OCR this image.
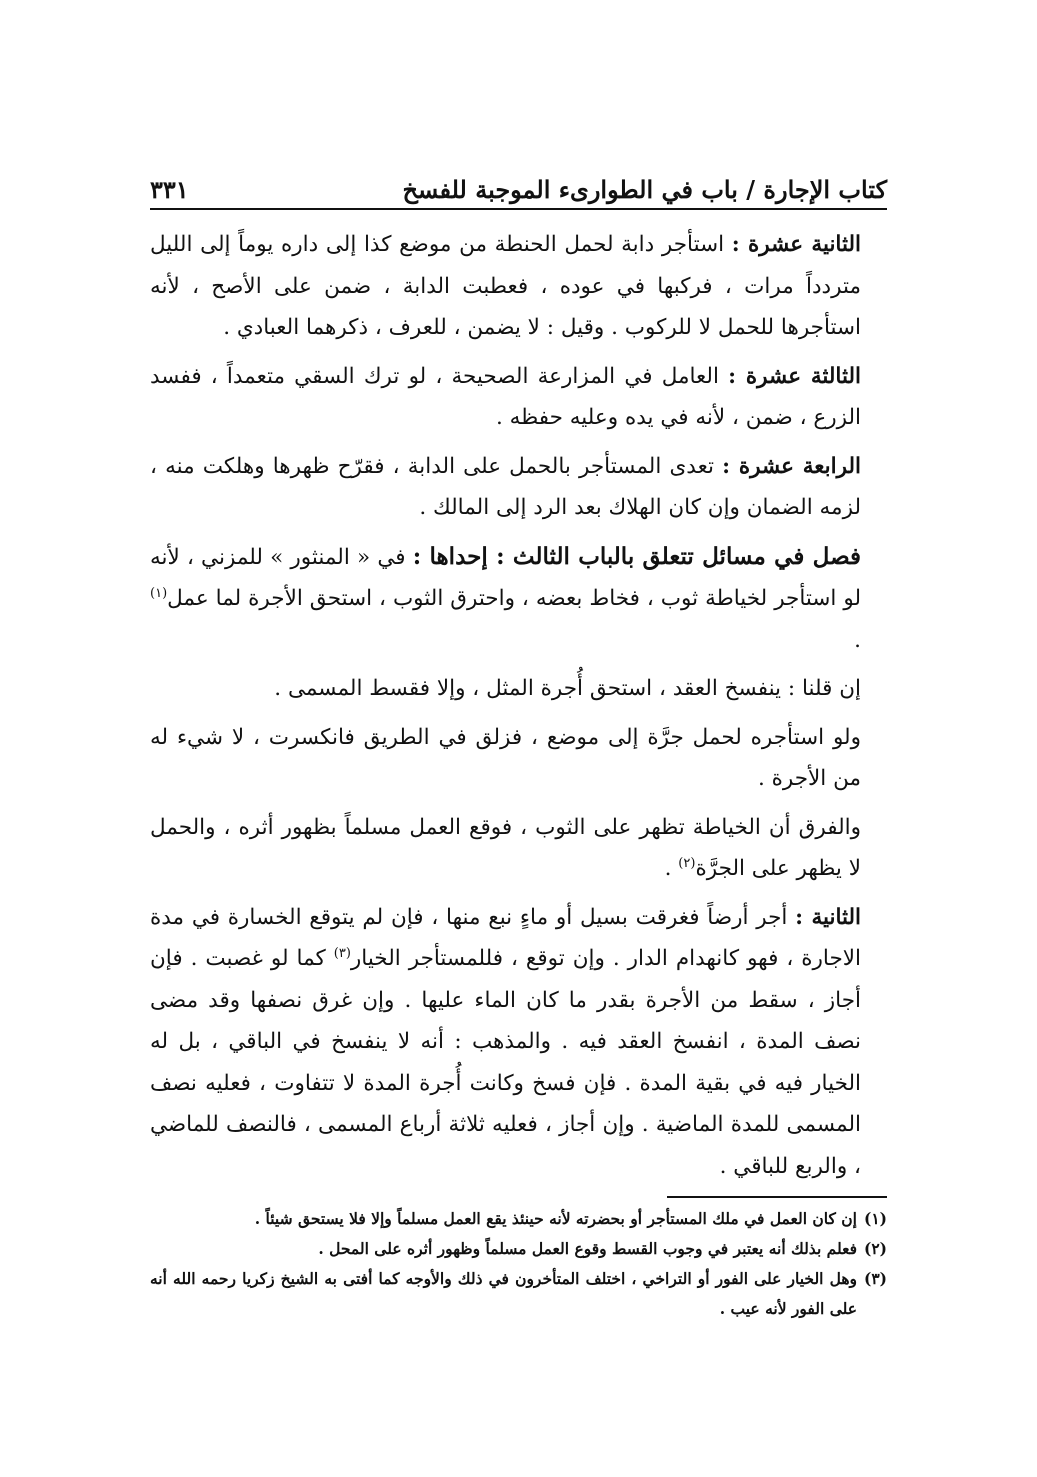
كتاب الإجارة / باب في الطوارىء الموجبة للفسخ
٣٣١

الثانية عشرة : استأجر دابة لحمل الحنطة من موضع كذا إلى داره يوماً إلى الليل متردداً مرات ، فركبها في عوده ، فعطبت الدابة ، ضمن على الأصح ، لأنه استأجرها للحمل لا للركوب . وقيل : لا يضمن ، للعرف ، ذكرهما العبادي .

الثالثة عشرة : العامل في المزارعة الصحيحة ، لو ترك السقي متعمداً ، ففسد الزرع ، ضمن ، لأنه في يده وعليه حفظه .

الرابعة عشرة : تعدى المستأجر بالحمل على الدابة ، فقرّح ظهرها وهلكت منه ، لزمه الضمان وإن كان الهلاك بعد الرد إلى المالك .

فصل في مسائل تتعلق بالباب الثالث : إحداها : في « المنثور » للمزني ، لأنه لو استأجر لخياطة ثوب ، فخاط بعضه ، واحترق الثوب ، استحق الأجرة لما عمل$^{(١)}$ .

إن قلنا : ينفسخ العقد ، استحق أُجرة المثل ، وإلا فقسط المسمى .

ولو استأجره لحمل جرَّة إلى موضع ، فزلق في الطريق فانكسرت ، لا شيء له من الأجرة .

والفرق أن الخياطة تظهر على الثوب ، فوقع العمل مسلماً بظهور أثره ، والحمل لا يظهر على الجرَّة$^{(٢)}$ .

الثانية : أجر أرضاً فغرقت بسيل أو ماءٍ نبع منها ، فإن لم يتوقع الخسارة في مدة الاجارة ، فهو كانهدام الدار . وإن توقع ، فللمستأجر الخيار$^{(٣)}$ كما لو غصبت . فإن أجاز ، سقط من الأجرة بقدر ما كان الماء عليها . وإن غرق نصفها وقد مضى نصف المدة ، انفسخ العقد فيه . والمذهب : أنه لا ينفسخ في الباقي ، بل له الخيار فيه في بقية المدة . فإن فسخ وكانت أُجرة المدة لا تتفاوت ، فعليه نصف المسمى للمدة الماضية . وإن أجاز ، فعليه ثلاثة أرباع المسمى ، فالنصف للماضي ، والربع للباقي .

(١)
إن كان العمل في ملك المستأجر أو بحضرته لأنه حينئذ يقع العمل مسلماً وإلا فلا يستحق شيئاً .
(٢)
فعلم بذلك أنه يعتبر في وجوب القسط وقوع العمل مسلماً وظهور أثره على المحل .
(٣)
وهل الخيار على الفور أو التراخي ، اختلف المتأخرون في ذلك والأوجه كما أفتى به الشيخ زكريا رحمه الله أنه على الفور لأنه عيب .
